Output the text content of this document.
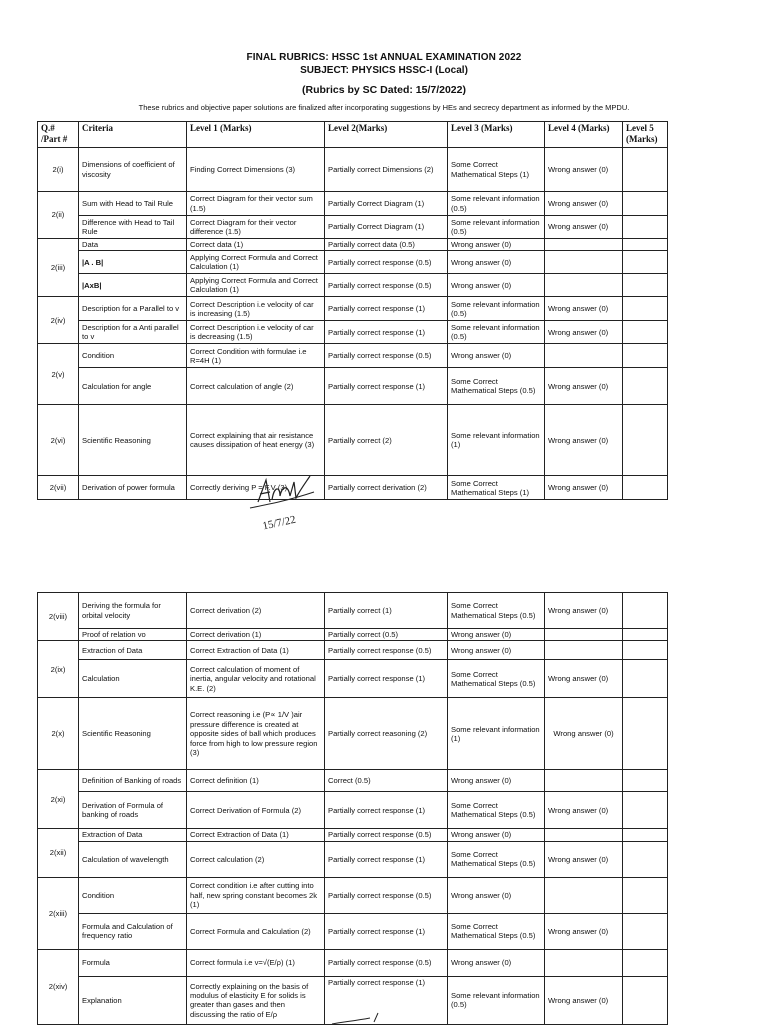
FINAL RUBRICS: HSSC 1st ANNUAL EXAMINATION 2022
SUBJECT: PHYSICS HSSC-I (Local)
(Rubrics by SC Dated: 15/7/2022)
These rubrics and objective paper solutions are finalized after incorporating suggestions by HEs and secrecy department as informed by the MPDU.
Q.# /Part #	Criteria	Level 1 (Marks)	Level 2(Marks)	Level 3 (Marks)	Level 4 (Marks)	Level 5 (Marks)
2(i)	Dimensions of coefficient of viscosity	Finding Correct Dimensions (3)	Partially correct Dimensions (2)	Some Correct Mathematical Steps (1)	Wrong answer (0)	
2(ii)	Sum with Head to Tail Rule	Correct Diagram for their vector sum (1.5)	Partially Correct Diagram (1)	Some relevant information (0.5)	Wrong answer (0)	
	Difference with Head to Tail Rule	Correct Diagram for their vector difference (1.5)	Partially Correct Diagram (1)	Some relevant information (0.5)	Wrong answer (0)	
2(iii)	Data	Correct data (1)	Partially correct data (0.5)	Wrong answer (0)		
	|A . B|	Applying Correct Formula and Correct Calculation (1)	Partially correct response (0.5)	Wrong answer (0)		
	|AxB|	Applying Correct Formula and Correct Calculation (1)	Partially correct response (0.5)	Wrong answer (0)		
2(iv)	Description for a Parallel to v	Correct Description i.e velocity of car is increasing (1.5)	Partially correct response (1)	Some relevant information (0.5)	Wrong answer (0)	
	Description for a Anti parallel to v	Correct Description i.e velocity of car is decreasing (1.5)	Partially correct response (1)	Some relevant information (0.5)	Wrong answer (0)	
2(v)	Condition	Correct Condition with formulae i.e R=4H (1)	Partially correct response (0.5)	Wrong answer (0)		
	Calculation for angle	Correct calculation of angle (2)	Partially correct response (1)	Some Correct Mathematical Steps (0.5)	Wrong answer (0)	
2(vi)	Scientific Reasoning	Correct explaining that air resistance causes dissipation of heat energy (3)	Partially correct (2)	Some relevant information (1)	Wrong answer (0)	
2(vii)	Derivation of power formula	Correctly deriving P = F.V (3)	Partially correct derivation (2)	Some Correct Mathematical Steps (1)	Wrong answer (0)	
15/7/22
2(viii)	Deriving the formula for orbital velocity	Correct derivation (2)	Partially correct (1)	Some Correct Mathematical Steps (0.5)	Wrong answer (0)	
	Proof of relation vo	Correct derivation (1)	Partially correct (0.5)	Wrong answer (0)		
2(ix)	Extraction of Data	Correct Extraction of Data (1)	Partially correct response (0.5)	Wrong answer (0)		
	Calculation	Correct calculation of moment of inertia, angular velocity and rotational K.E. (2)	Partially correct response (1)	Some Correct Mathematical Steps (0.5)	Wrong answer (0)	
2(x)	Scientific Reasoning	Correct reasoning i.e (P∝ 1/V )air pressure difference is created at opposite sides of ball which produces force from high to low pressure region (3)	Partially correct reasoning (2)	Some relevant information (1)	Wrong answer (0)	
2(xi)	Definition of Banking of roads	Correct definition (1)	Correct (0.5)	Wrong answer (0)		
	Derivation of Formula of banking of roads	Correct Derivation of Formula (2)	Partially correct response (1)	Some Correct Mathematical Steps (0.5)	Wrong answer (0)	
2(xii)	Extraction of Data	Correct Extraction of Data (1)	Partially correct response (0.5)	Wrong answer (0)		
	Calculation of wavelength	Correct calculation (2)	Partially correct response (1)	Some Correct Mathematical Steps (0.5)	Wrong answer (0)	
2(xiii)	Condition	Correct condition i.e after cutting into half, new spring constant becomes 2k (1)	Partially correct response (0.5)	Wrong answer (0)		
	Formula and Calculation of frequency ratio	Correct Formula and Calculation (2)	Partially correct response (1)	Some Correct Mathematical Steps (0.5)	Wrong answer (0)	
2(xiv)	Formula	Correct formula i.e v=√(E/ρ) (1)	Partially correct response (0.5)	Wrong answer (0)		
	Explanation	Correctly explaining on the basis of modulus of elasticity E for solids is greater than gases and then discussing the ratio of E/ρ	Partially correct response (1)	Some relevant information (0.5)	Wrong answer (0)	
